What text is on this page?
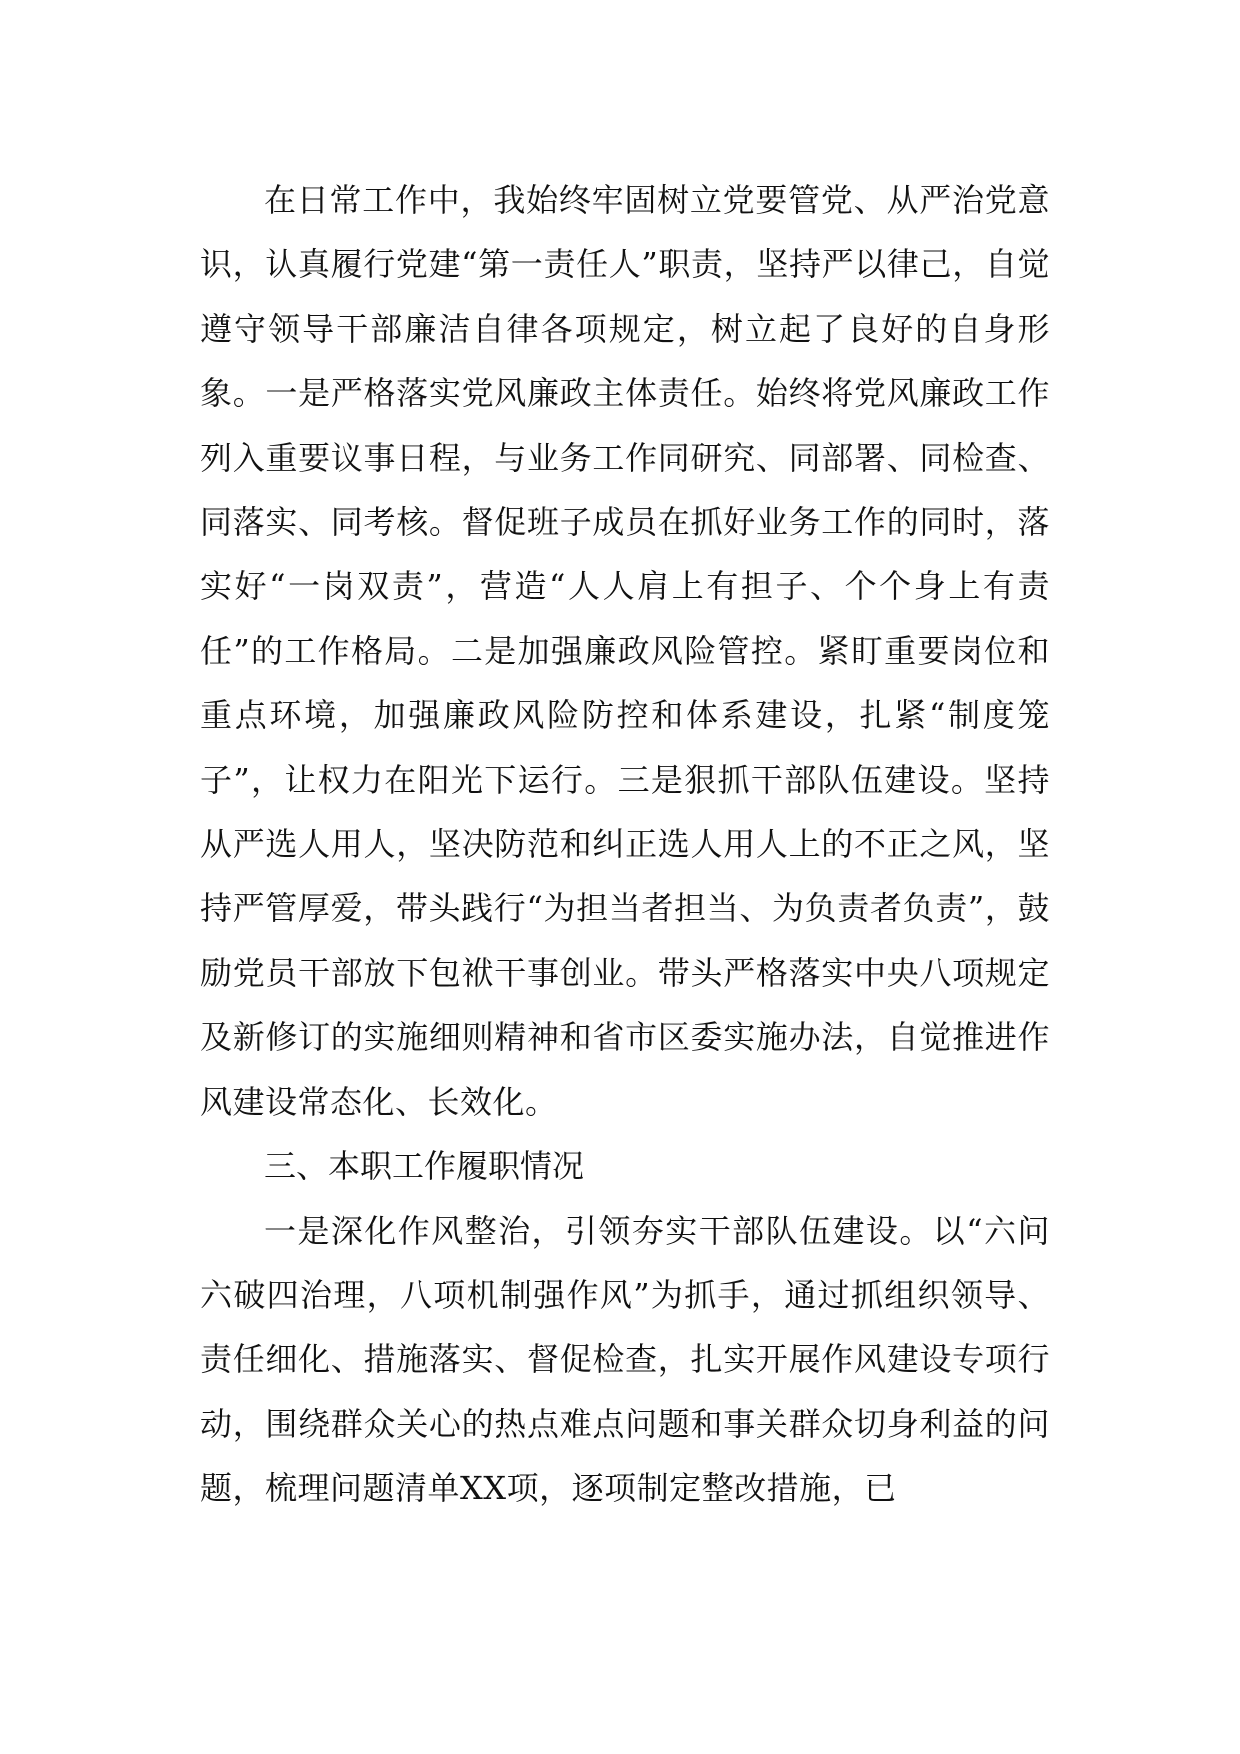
在日常工作中，我始终牢固树立党要管党、从严治党意识，认真履行党建“第一责任人”职责，坚持严以律己，自觉遵守领导干部廉洁自律各项规定，树立起了良好的自身形象。一是严格落实党风廉政主体责任。始终将党风廉政工作列入重要议事日程，与业务工作同研究、同部署、同检查、同落实、同考核。督促班子成员在抓好业务工作的同时，落实好“一岗双责”，营造“人人肩上有担子、个个身上有责任”的工作格局。二是加强廉政风险管控。紧盯重要岗位和重点环境，加强廉政风险防控和体系建设，扎紧“制度笼子”，让权力在阳光下运行。三是狠抓干部队伍建设。坚持从严选人用人，坚决防范和纠正选人用人上的不正之风，坚持严管厚爱，带头践行“为担当者担当、为负责者负责”，鼓励党员干部放下包袱干事创业。带头严格落实中央八项规定及新修订的实施细则精神和省市区委实施办法，自觉推进作风建设常态化、长效化。

三、本职工作履职情况

一是深化作风整治，引领夯实干部队伍建设。以“六问六破四治理，八项机制强作风”为抓手，通过抓组织领导、责任细化、措施落实、督促检查，扎实开展作风建设专项行动，围绕群众关心的热点难点问题和事关群众切身利益的问题，梳理问题清单XX项，逐项制定整改措施，已
